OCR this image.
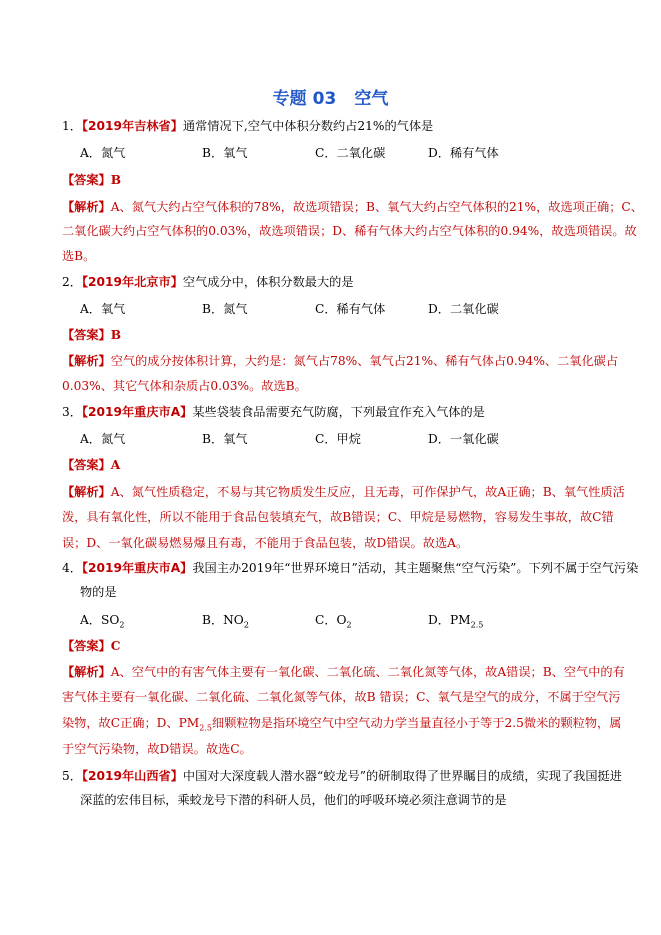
专题 03 空气
1．【2019年吉林省】通常情况下,空气中体积分数约占21%的气体是
A．氮气	B．氧气	C．二氧化碳	D．稀有气体
【答案】B
【解析】A、氮气大约占空气体积的78%，故选项错误；B、氧气大约占空气体积的21%，故选项正确；C、
二氧化碳大约占空气体积的0.03%，故选项错误；D、稀有气体大约占空气体积的0.94%，故选项错误。故
选B。
2．【2019年北京市】空气成分中，体积分数最大的是
A．氧气	B．氮气	C．稀有气体	D．二氧化碳
【答案】B
【解析】空气的成分按体积计算，大约是：氮气占78%、氧气占21%、稀有气体占0.94%、二氧化碳占
0.03%、其它气体和杂质占0.03%。故选B。
3．【2019年重庆市A】某些袋装食品需要充气防腐，下列最宜作充入气体的是
A．氮气	B．氧气	C．甲烷	D．一氧化碳
【答案】A
【解析】A、氮气性质稳定，不易与其它物质发生反应，且无毒，可作保护气，故A正确；B、氧气性质活
泼，具有氧化性，所以不能用于食品包装填充气，故B错误；C、甲烷是易燃物，容易发生事故，故C错
误；D、一氧化碳易燃易爆且有毒，不能用于食品包装，故D错误。故选A。
4．【2019年重庆市A】我国主办2019年“世界环境日”活动，其主题聚焦“空气污染”。下列不属于空气污染
物的是
A．$SO_2$	B．$NO_2$	C．$O_2$	D．$PM_{2.5}$
【答案】C
【解析】A、空气中的有害气体主要有一氧化碳、二氧化硫、二氧化氮等气体，故A错误；B、空气中的有
害气体主要有一氧化碳、二氧化硫、二氧化氮等气体，故B 错误；C、氧气是空气的成分，不属于空气污
染物，故C正确；D、$PM_{2.5}$细颗粒物是指环境空气中空气动力学当量直径小于等于2.5微米的颗粒物，属
于空气污染物，故D错误。故选C。
5．【2019年山西省】中国对大深度载人潜水器“蛟龙号”的研制取得了世界瞩目的成绩，实现了我国挺进
深蓝的宏伟目标，乘蛟龙号下潜的科研人员，他们的呼吸环境必须注意调节的是
